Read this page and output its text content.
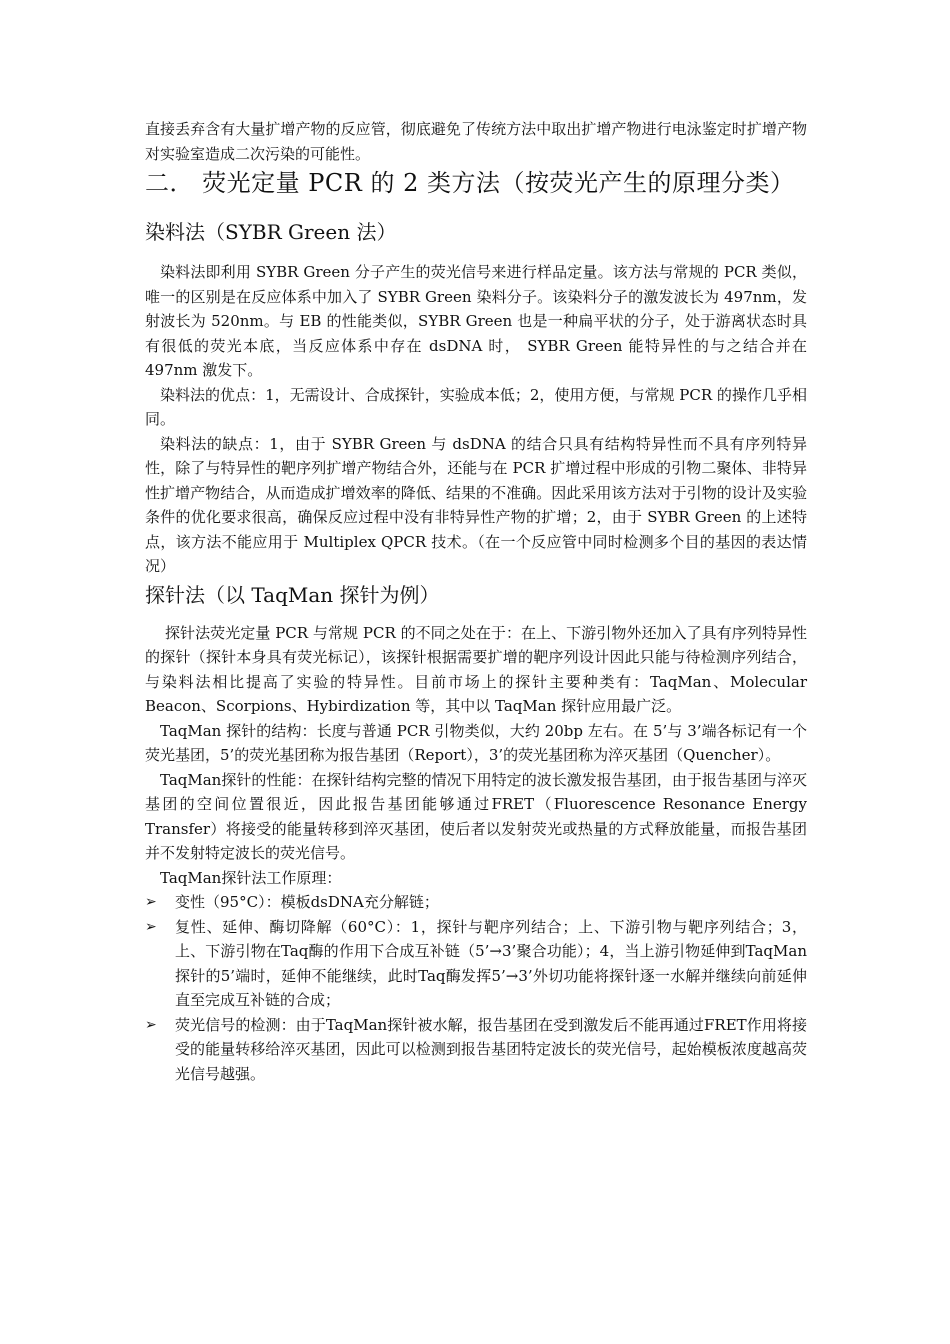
直接丢弃含有大量扩增产物的反应管，彻底避免了传统方法中取出扩增产物进行电泳鉴定时扩增产物对实验室造成二次污染的可能性。

二． 荧光定量 PCR 的 2 类方法（按荧光产生的原理分类）
染料法（SYBR Green 法）

染料法即利用 SYBR Green 分子产生的荧光信号来进行样品定量。该方法与常规的 PCR 类似，唯一的区别是在反应体系中加入了 SYBR Green 染料分子。该染料分子的激发波长为 497nm，发射波长为 520nm。与 EB 的性能类似，SYBR Green 也是一种扁平状的分子，处于游离状态时具有很低的荧光本底，当反应体系中存在 dsDNA 时， SYBR Green 能特异性的与之结合并在 497nm 激发下。

染料法的优点：1，无需设计、合成探针，实验成本低；2，使用方便，与常规 PCR 的操作几乎相同。

染料法的缺点：1，由于 SYBR Green 与 dsDNA 的结合只具有结构特异性而不具有序列特异性，除了与特异性的靶序列扩增产物结合外，还能与在 PCR 扩增过程中形成的引物二聚体、非特异性扩增产物结合，从而造成扩增效率的降低、结果的不准确。因此采用该方法对于引物的设计及实验条件的优化要求很高，确保反应过程中没有非特异性产物的扩增；2，由于 SYBR Green 的上述特点，该方法不能应用于 Multiplex QPCR 技术。（在一个反应管中同时检测多个目的基因的表达情况）

探针法（以 TaqMan 探针为例）

探针法荧光定量 PCR 与常规 PCR 的不同之处在于：在上、下游引物外还加入了具有序列特异性的探针（探针本身具有荧光标记），该探针根据需要扩增的靶序列设计因此只能与待检测序列结合，与染料法相比提高了实验的特异性。目前市场上的探针主要种类有：TaqMan、Molecular Beacon、Scorpions、Hybirdization 等，其中以 TaqMan 探针应用最广泛。

TaqMan 探针的结构：长度与普通 PCR 引物类似，大约 20bp 左右。在 5’与 3’端各标记有一个荧光基团，5’的荧光基团称为报告基团（Report），3’的荧光基团称为淬灭基团（Quencher）。

TaqMan探针的性能：在探针结构完整的情况下用特定的波长激发报告基团，由于报告基团与淬灭基团的空间位置很近，因此报告基团能够通过FRET（Fluorescence Resonance Energy Transfer）将接受的能量转移到淬灭基团，使后者以发射荧光或热量的方式释放能量，而报告基团并不发射特定波长的荧光信号。

TaqMan探针法工作原理：

➢ 变性（95°C）：模板dsDNA充分解链；
➢ 复性、延伸、酶切降解（60°C）：1，探针与靶序列结合；上、下游引物与靶序列结合；3，上、下游引物在Taq酶的作用下合成互补链（5’→3’聚合功能）；4，当上游引物延伸到TaqMan探针的5’端时，延伸不能继续，此时Taq酶发挥5’→3’外切功能将探针逐一水解并继续向前延伸直至完成互补链的合成；
➢ 荧光信号的检测：由于TaqMan探针被水解，报告基团在受到激发后不能再通过FRET作用将接受的能量转移给淬灭基团，因此可以检测到报告基团特定波长的荧光信号，起始模板浓度越高荧光信号越强。
